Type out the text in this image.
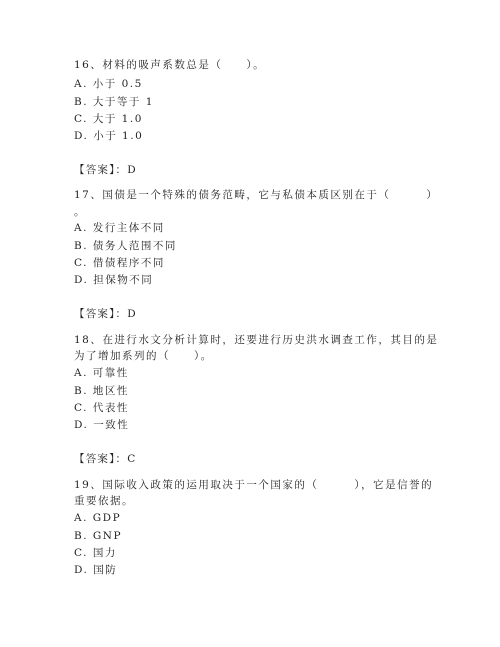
16、材料的吸声系数总是（　　）。
A. 小于 0.5
B. 大于等于 1
C. 大于 1.0
D. 小于 1.0
【答案】：D
17、国债是一个特殊的债务范畴，它与私债本质区别在于（　　　）
。
A. 发行主体不同
B. 债务人范围不同
C. 借债程序不同
D. 担保物不同
【答案】：D
18、在进行水文分析计算时，还要进行历史洪水调查工作，其目的是
为了增加系列的（　　）。
A. 可靠性
B. 地区性
C. 代表性
D. 一致性
【答案】：C
19、国际收入政策的运用取决于一个国家的（　　　），它是信誉的
重要依据。
A. GDP
B. GNP
C. 国力
D. 国防
